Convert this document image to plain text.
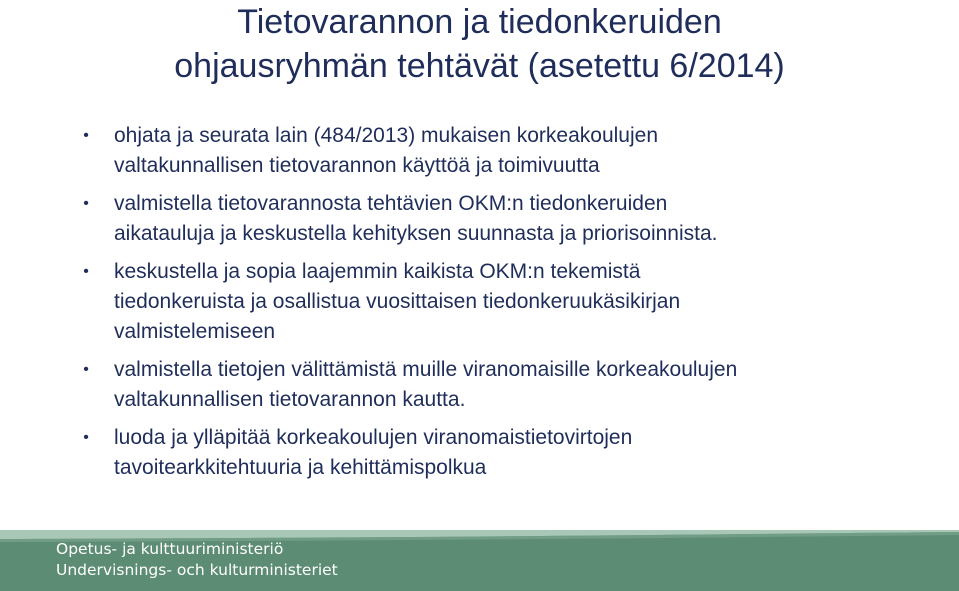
Tietovarannon ja tiedonkeruiden
ohjausryhmän tehtävät (asetettu 6/2014)
• ohjata ja seurata lain (484/2013) mukaisen korkeakoulujen
valtakunnallisen tietovarannon käyttöä ja toimivuutta
• valmistella tietovarannosta tehtävien OKM:n tiedonkeruiden
aikatauluja ja keskustella kehityksen suunnasta ja priorisoinnista.
• keskustella ja sopia laajemmin kaikista OKM:n tekemistä
tiedonkeruista ja osallistua vuosittaisen tiedonkeruukäsikirjan
valmistelemiseen
• valmistella tietojen välittämistä muille viranomaisille korkeakoulujen
valtakunnallisen tietovarannon kautta.
• luoda ja ylläpitää korkeakoulujen viranomaistietovirtojen
tavoitearkkitehtuuria ja kehittämispolkua
Opetus- ja kulttuuriministeriö
Undervisnings- och kulturministeriet
